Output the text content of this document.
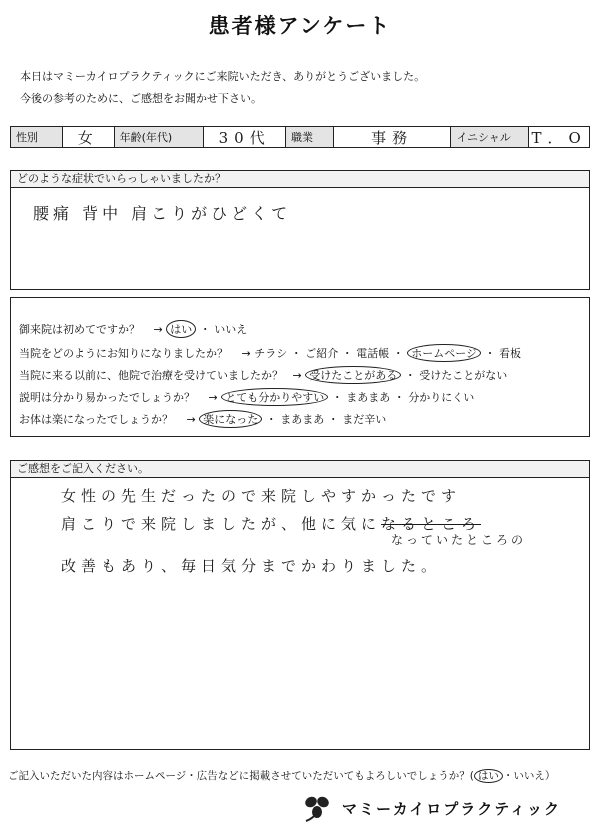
患者様アンケート
本日はマミーカイロプラクティックにご来院いただき、ありがとうございました。
今後の参考のために、ご感想をお聞かせ下さい。
性別	女	年齢(年代)	30代	職業	事務	イニシャル	T．O
どのような症状でいらっしゃいましたか？
腰痛 背中 肩こりがひどくて
御来院は初めてですか？ → はい ・ いいえ
当院をどのようにお知りになりましたか？ → チラシ ・ ご紹介 ・ 電話帳 ・ ホームページ ・ 看板
当院に来る以前に、他院で治療を受けていましたか？ → 受けたことがある ・ 受けたことがない
説明は分かり易かったでしょうか？ → とても分かりやすい ・ まあまあ ・ 分かりにくい
お体は楽になったでしょうか？ → 楽になった ・ まあまあ ・ まだ辛い
ご感想をご記入ください。
女性の先生だったので来院しやすかったです
肩こりで来院しましたが、他に気になるところ
なっていたところの
改善もあり、毎日気分までかわりました。
ご記入いただいた内容はホームページ・広告などに掲載させていただいてもよろしいでしょうか？( はい ・いいえ）
マミーカイロプラクティック
